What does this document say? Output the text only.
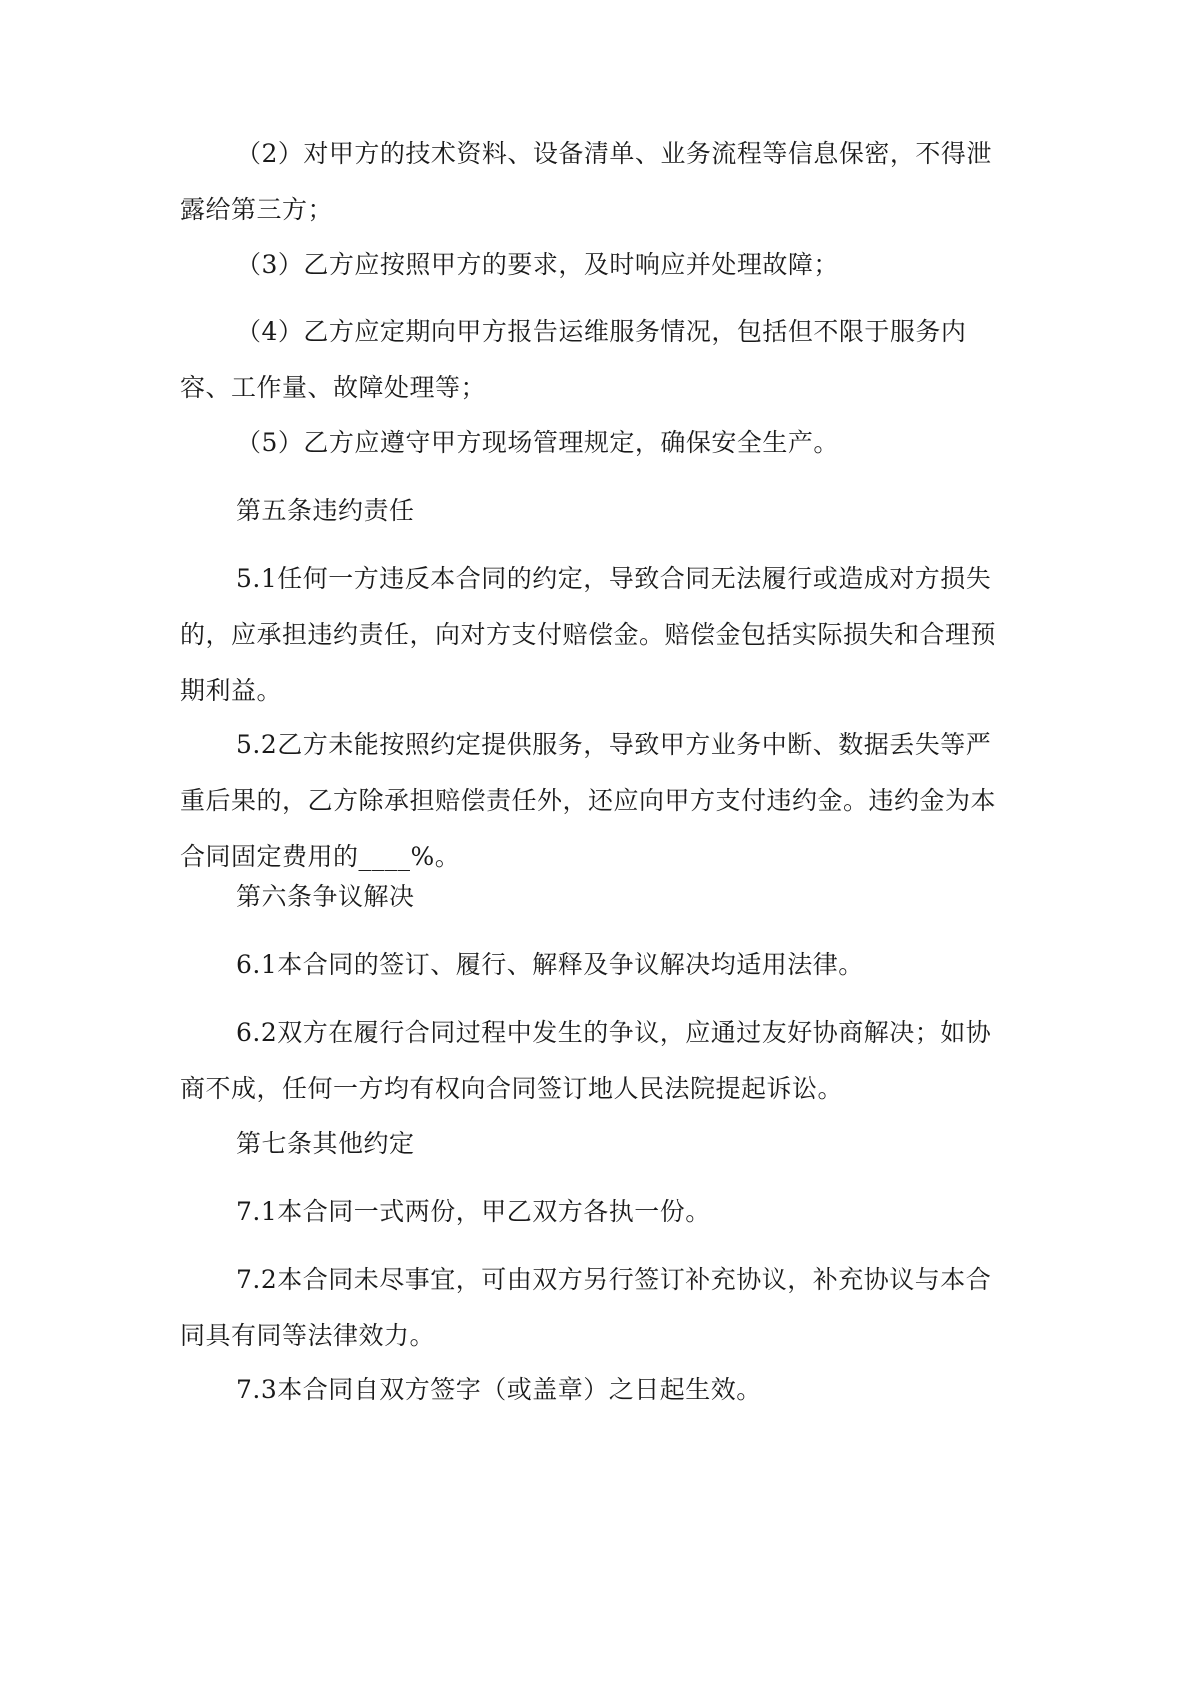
（2）对甲方的技术资料、设备清单、业务流程等信息保密，不得泄露给第三方；

（3）乙方应按照甲方的要求，及时响应并处理故障；

（4）乙方应定期向甲方报告运维服务情况，包括但不限于服务内容、工作量、故障处理等；

（5）乙方应遵守甲方现场管理规定，确保安全生产。

第五条违约责任

5.1任何一方违反本合同的约定，导致合同无法履行或造成对方损失的，应承担违约责任，向对方支付赔偿金。赔偿金包括实际损失和合理预期利益。

5.2乙方未能按照约定提供服务，导致甲方业务中断、数据丢失等严重后果的，乙方除承担赔偿责任外，还应向甲方支付违约金。违约金为本合同固定费用的____%。

第六条争议解决

6.1本合同的签订、履行、解释及争议解决均适用法律。

6.2双方在履行合同过程中发生的争议，应通过友好协商解决；如协商不成，任何一方均有权向合同签订地人民法院提起诉讼。

第七条其他约定

7.1本合同一式两份，甲乙双方各执一份。

7.2本合同未尽事宜，可由双方另行签订补充协议，补充协议与本合同具有同等法律效力。

7.3本合同自双方签字（或盖章）之日起生效。
